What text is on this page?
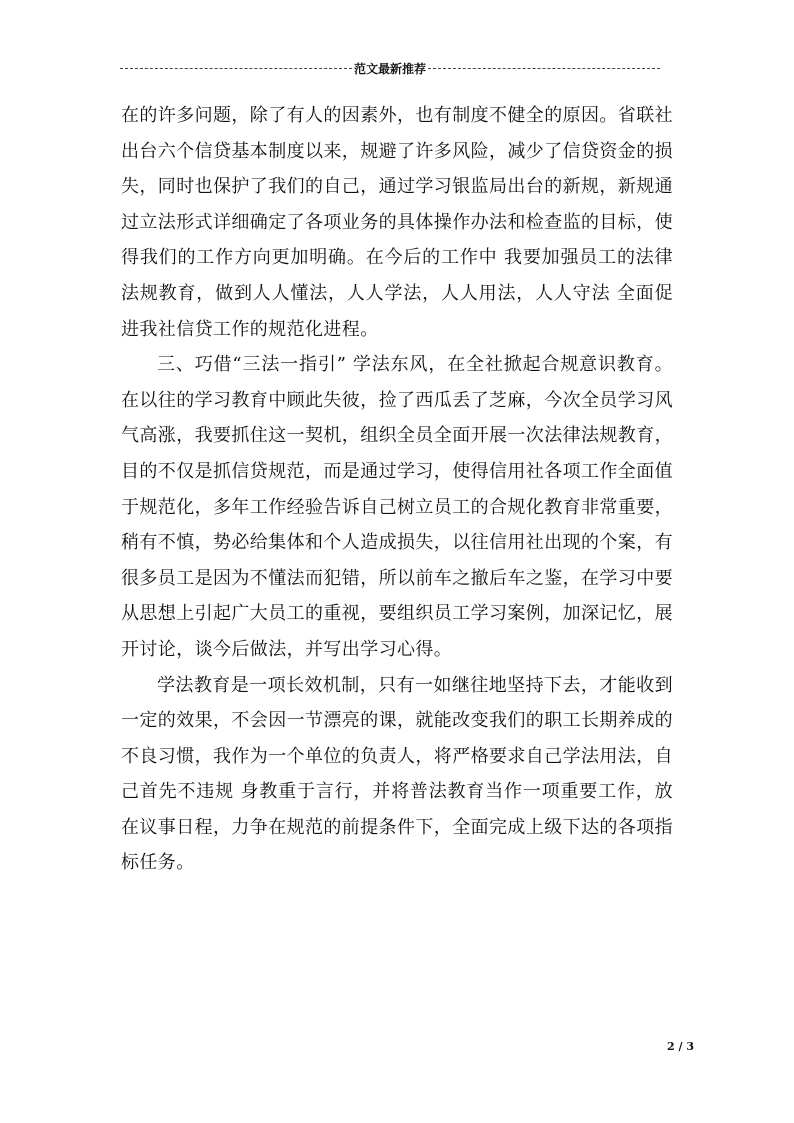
范文最新推荐

在的许多问题，除了有人的因素外，也有制度不健全的原因。省联社出台六个信贷基本制度以来，规避了许多风险，减少了信贷资金的损失，同时也保护了我们的自己，通过学习银监局出台的新规，新规通过立法形式详细确定了各项业务的具体操作办法和检查监的目标，使得我们的工作方向更加明确。在今后的工作中 我要加强员工的法律法规教育，做到人人懂法，人人学法，人人用法，人人守法 全面促进我社信贷工作的规范化进程。

三、巧借“三法一指引” 学法东风，在全社掀起合规意识教育。在以往的学习教育中顾此失彼，捡了西瓜丢了芝麻，今次全员学习风气高涨，我要抓住这一契机，组织全员全面开展一次法律法规教育，目的不仅是抓信贷规范，而是通过学习，使得信用社各项工作全面值于规范化，多年工作经验告诉自己树立员工的合规化教育非常重要，稍有不慎，势必给集体和个人造成损失，以往信用社出现的个案，有很多员工是因为不懂法而犯错，所以前车之撤后车之鉴，在学习中要从思想上引起广大员工的重视，要组织员工学习案例，加深记忆，展开讨论，谈今后做法，并写出学习心得。

学法教育是一项长效机制，只有一如继往地坚持下去，才能收到一定的效果，不会因一节漂亮的课，就能改变我们的职工长期养成的不良习惯，我作为一个单位的负责人，将严格要求自己学法用法，自己首先不违规 身教重于言行，并将普法教育当作一项重要工作，放在议事日程，力争在规范的前提条件下，全面完成上级下达的各项指标任务。

2 / 3
